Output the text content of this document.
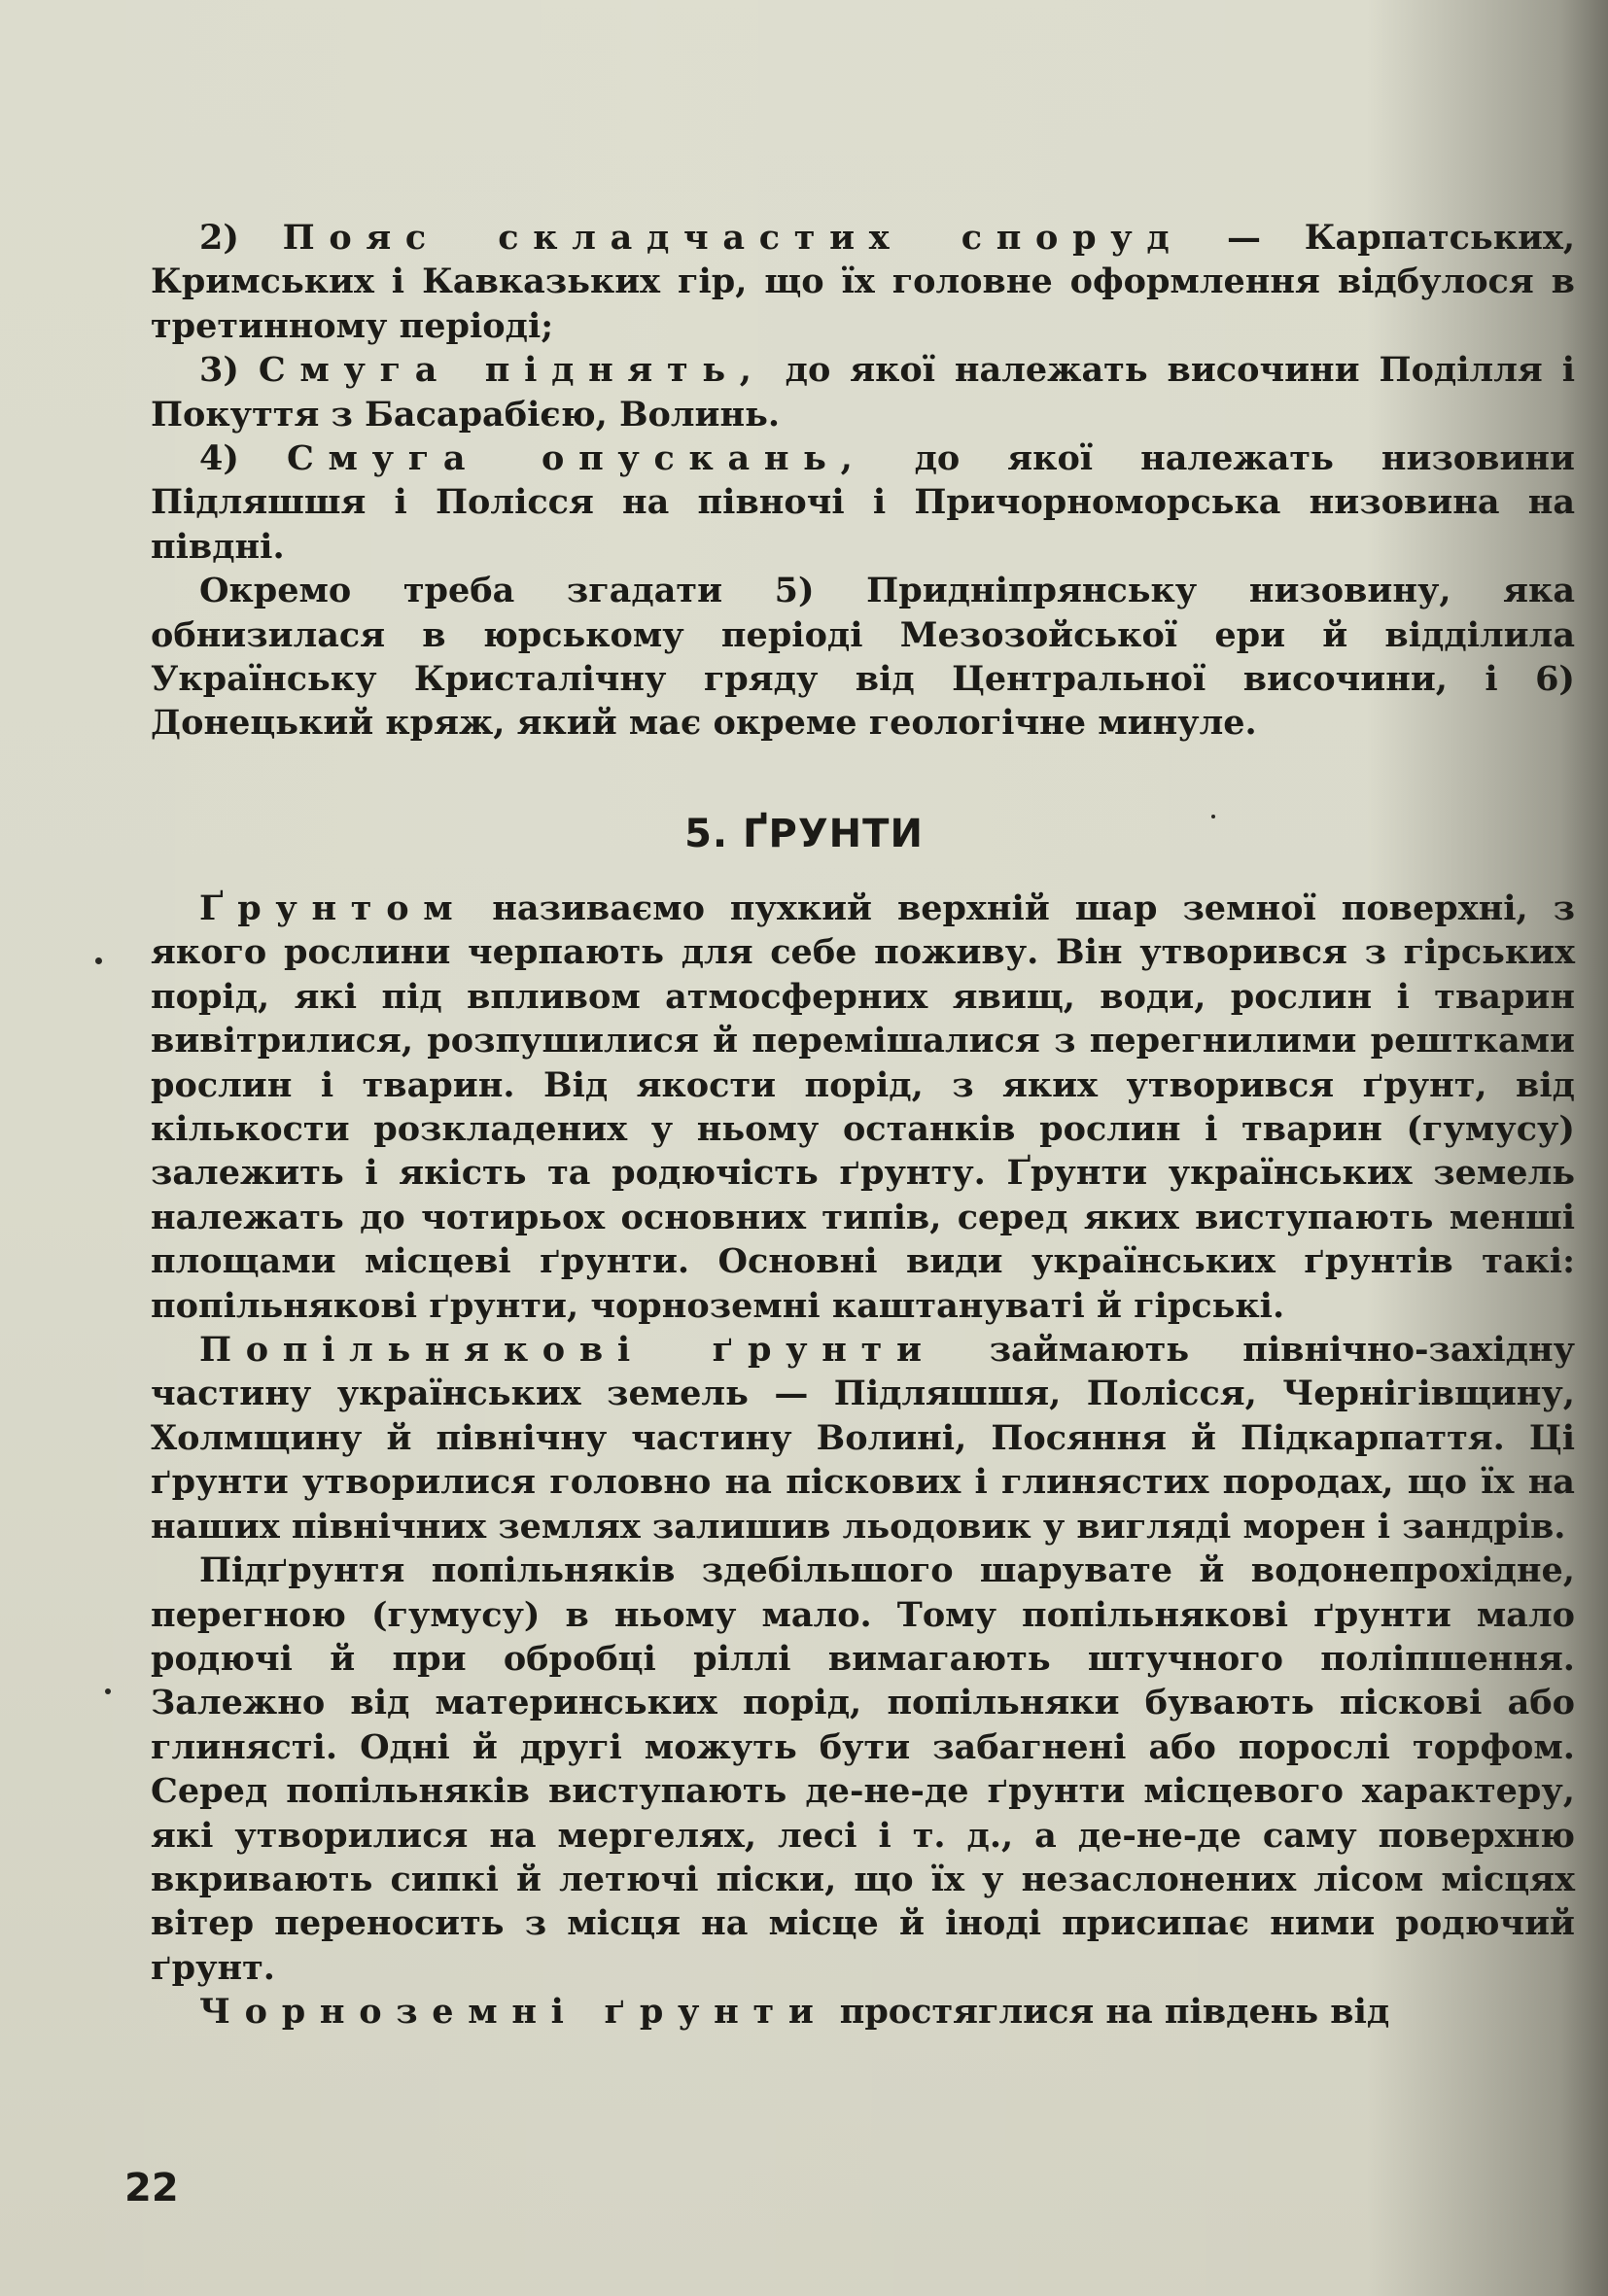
2) Пояс складчастих споруд — Карпатських, Кримських і Кавказьких гір, що їх головне оформлення відбулося в третинному періоді;

3) Смуга піднять, до якої належать височини Поділля і Покуття з Басарабією, Волинь.

4) Смуга опускань, до якої належать низовини Підляшшя і Полісся на півночі і Причорноморська низовина на півдні.

Окремо треба згадати 5) Придніпрянську низовину, яка обнизилася в юрському періоді Мезозойської ери й відділила Українську Кристалічну гряду від Центральної височини, і 6) Донецький кряж, який має окреме геологічне минуле.

5. ҐРУНТИ

Ґрунтом називаємо пухкий верхній шар земної поверхні, з якого рослини черпають для себе поживу. Він утворився з гірських порід, які під впливом атмосферних явищ, води, рослин і тварин вивітрилися, розпушилися й перемішалися з перегнилими рештками рослин і тварин. Від якости порід, з яких утворився ґрунт, від кількости розкладених у ньому останків рослин і тварин (гумусу) залежить і якість та родючість ґрунту. Ґрунти українських земель належать до чотирьох основних типів, серед яких виступають менші площами місцеві ґрунти. Основні види українських ґрунтів такі: попільнякові ґрунти, чорноземні каштануваті й гірські.

Попільнякові ґрунти займають північно-західну частину українських земель — Підляшшя, Полісся, Чернігівщину, Холмщину й північну частину Волині, Посяння й Підкарпаття. Ці ґрунти утворилися головно на піскових і глинястих породах, що їх на наших північних землях залишив льодовик у вигляді морен і зандрів.

Підґрунтя попільняків здебільшого шарувате й водонепрохідне, перегною (гумусу) в ньому мало. Тому попільнякові ґрунти мало родючі й при обробці ріллі вимагають штучного поліпшення. Залежно від материнських порід, попільняки бувають піскові або глинясті. Одні й другі можуть бути забагнені або порослі торфом. Серед попільняків виступають де-не-де ґрунти місцевого характеру, які утворилися на мергелях, лесі і т. д., а де-не-де саму поверхню вкривають сипкі й летючі піски, що їх у незаслонених лісом місцях вітер переносить з місця на місце й іноді присипає ними родючий ґрунт.

Чорноземні ґрунти простяглися на південь від

22
